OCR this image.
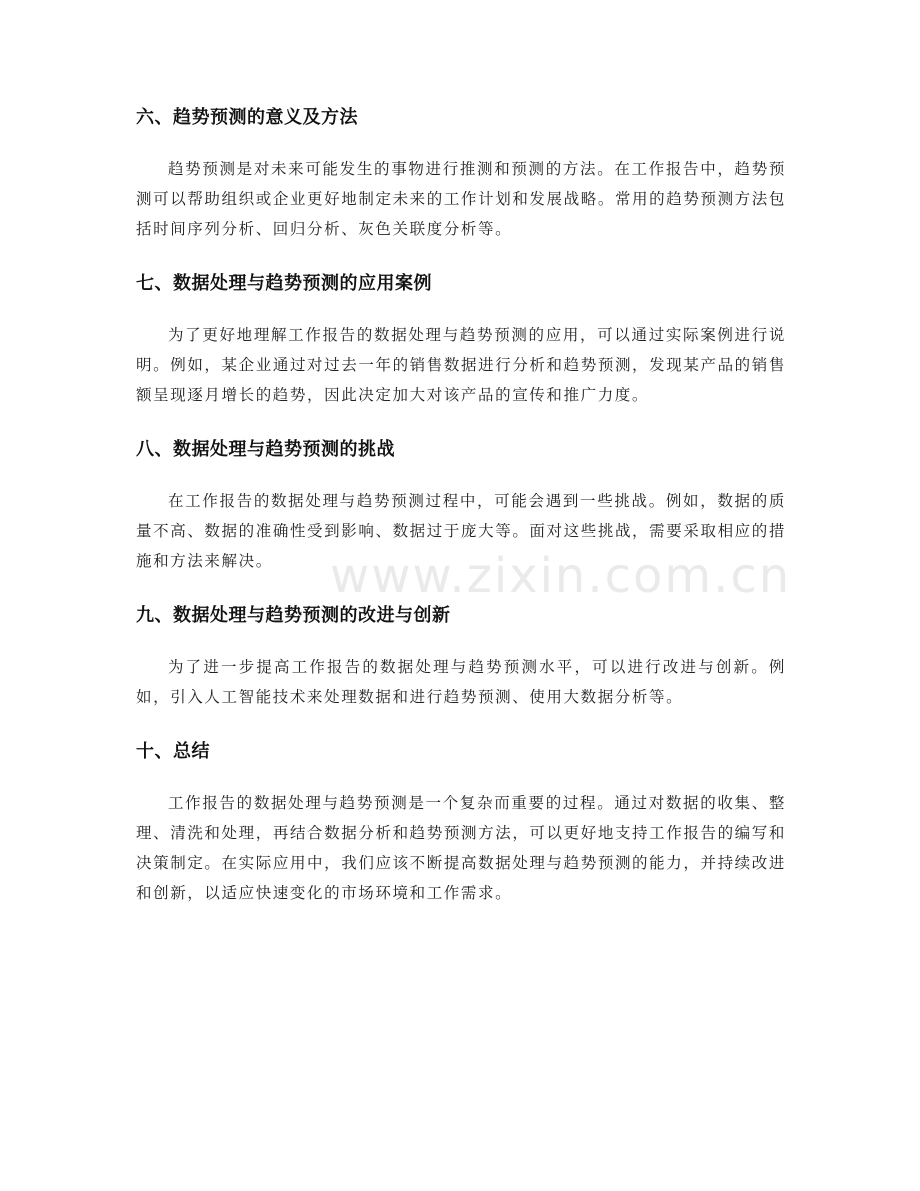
六、趋势预测的意义及方法

趋势预测是对未来可能发生的事物进行推测和预测的方法。在工作报告中，趋势预测可以帮助组织或企业更好地制定未来的工作计划和发展战略。常用的趋势预测方法包括时间序列分析、回归分析、灰色关联度分析等。

七、数据处理与趋势预测的应用案例

为了更好地理解工作报告的数据处理与趋势预测的应用，可以通过实际案例进行说明。例如，某企业通过对过去一年的销售数据进行分析和趋势预测，发现某产品的销售额呈现逐月增长的趋势，因此决定加大对该产品的宣传和推广力度。

八、数据处理与趋势预测的挑战

在工作报告的数据处理与趋势预测过程中，可能会遇到一些挑战。例如，数据的质量不高、数据的准确性受到影响、数据过于庞大等。面对这些挑战，需要采取相应的措施和方法来解决。

九、数据处理与趋势预测的改进与创新

为了进一步提高工作报告的数据处理与趋势预测水平，可以进行改进与创新。例如，引入人工智能技术来处理数据和进行趋势预测、使用大数据分析等。

十、总结

工作报告的数据处理与趋势预测是一个复杂而重要的过程。通过对数据的收集、整理、清洗和处理，再结合数据分析和趋势预测方法，可以更好地支持工作报告的编写和决策制定。在实际应用中，我们应该不断提高数据处理与趋势预测的能力，并持续改进和创新，以适应快速变化的市场环境和工作需求。

www.zixin.com.cn
